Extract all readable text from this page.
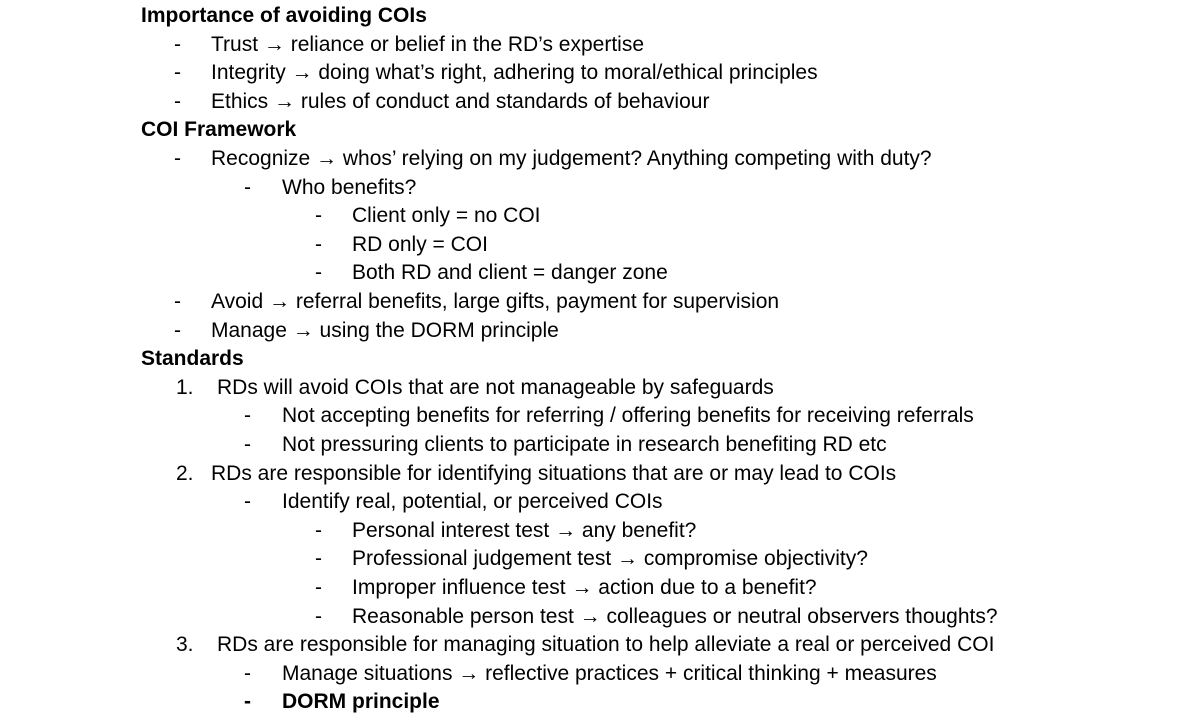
Importance of avoiding COIs
- Trust → reliance or belief in the RD’s expertise
- Integrity → doing what’s right, adhering to moral/ethical principles
- Ethics → rules of conduct and standards of behaviour
COI Framework
- Recognize → whos’ relying on my judgement? Anything competing with duty?
- Who benefits?
- Client only = no COI
- RD only = COI
- Both RD and client = danger zone
- Avoid → referral benefits, large gifts, payment for supervision
- Manage → using the DORM principle
Standards
1. RDs will avoid COIs that are not manageable by safeguards
- Not accepting benefits for referring / offering benefits for receiving referrals
- Not pressuring clients to participate in research benefiting RD etc
2. RDs are responsible for identifying situations that are or may lead to COIs
- Identify real, potential, or perceived COIs
- Personal interest test → any benefit?
- Professional judgement test → compromise objectivity?
- Improper influence test → action due to a benefit?
- Reasonable person test → colleagues or neutral observers thoughts?
3. RDs are responsible for managing situation to help alleviate a real or perceived COI
- Manage situations → reflective practices + critical thinking + measures
- DORM principle
